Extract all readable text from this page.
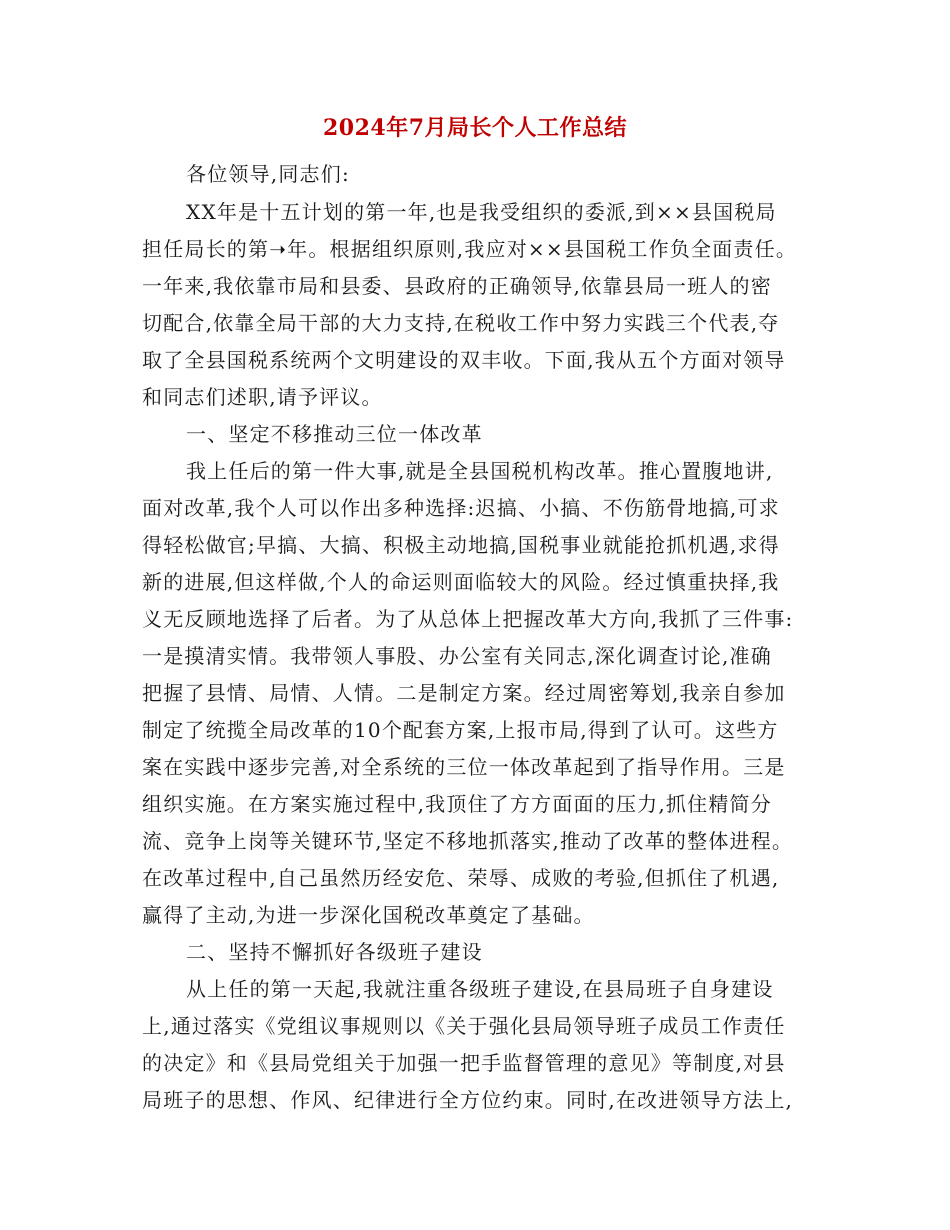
2024年7月局长个人工作总结
各位领导,同志们:
XX年是十五计划的第一年,也是我受组织的委派,到××县国税局
担任局长的第➝年。根据组织原则,我应对××县国税工作负全面责任。
一年来,我依靠市局和县委、县政府的正确领导,依靠县局一班人的密
切配合,依靠全局干部的大力支持,在税收工作中努力实践三个代表,夺
取了全县国税系统两个文明建设的双丰收。下面,我从五个方面对领导
和同志们述职,请予评议。
一、坚定不移推动三位一体改革
我上任后的第一件大事,就是全县国税机构改革。推心置腹地讲,
面对改革,我个人可以作出多种选择:迟搞、小搞、不伤筋骨地搞,可求
得轻松做官;早搞、大搞、积极主动地搞,国税事业就能抢抓机遇,求得
新的进展,但这样做,个人的命运则面临较大的风险。经过慎重抉择,我
义无反顾地选择了后者。为了从总体上把握改革大方向,我抓了三件事:
一是摸清实情。我带领人事股、办公室有关同志,深化调查讨论,准确
把握了县情、局情、人情。二是制定方案。经过周密筹划,我亲自参加
制定了统揽全局改革的10个配套方案,上报市局,得到了认可。这些方
案在实践中逐步完善,对全系统的三位一体改革起到了指导作用。三是
组织实施。在方案实施过程中,我顶住了方方面面的压力,抓住精简分
流、竞争上岗等关键环节,坚定不移地抓落实,推动了改革的整体进程。
在改革过程中,自己虽然历经安危、荣辱、成败的考验,但抓住了机遇,
赢得了主动,为进一步深化国税改革奠定了基础。
二、坚持不懈抓好各级班子建设
从上任的第一天起,我就注重各级班子建设,在县局班子自身建设
上,通过落实《党组议事规则以《关于强化县局领导班子成员工作责任
的决定》和《县局党组关于加强一把手监督管理的意见》等制度,对县
局班子的思想、作风、纪律进行全方位约束。同时,在改进领导方法上,
